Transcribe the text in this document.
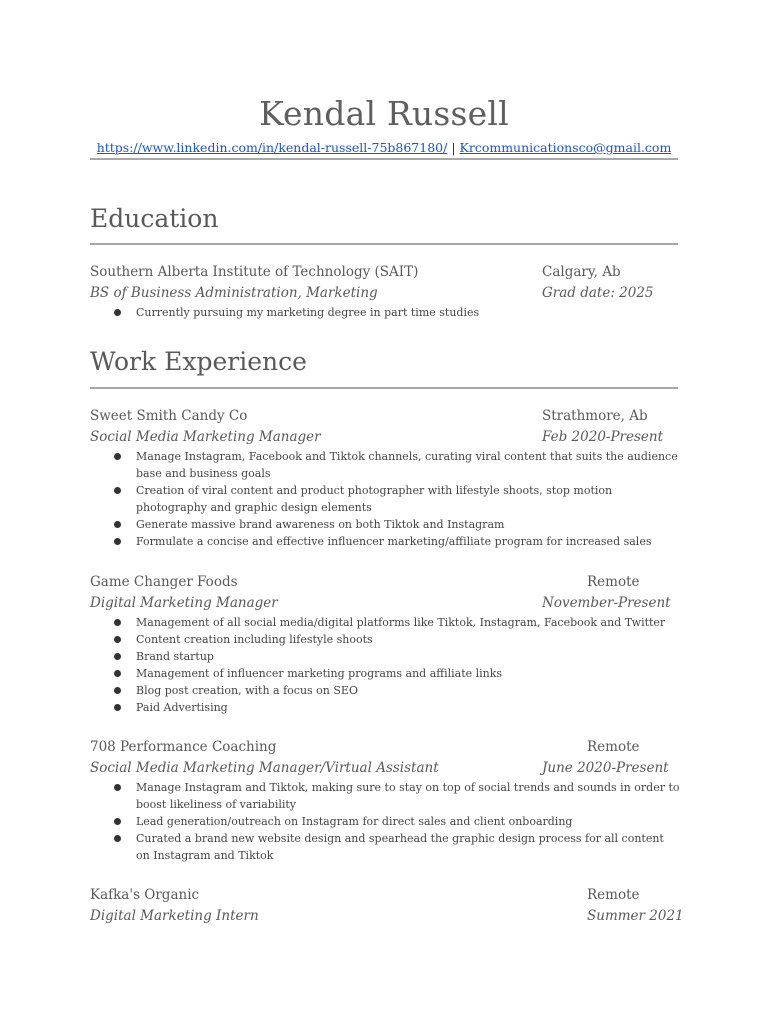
Kendal Russell
https://www.linkedin.com/in/kendal-russell-75b867180/ | Krcommunicationsco@gmail.com
Education
Southern Alberta Institute of Technology (SAIT)	Calgary, Ab
BS of Business Administration, Marketing	Grad date: 2025
Currently pursuing my marketing degree in part time studies
Work Experience
Sweet Smith Candy Co	Strathmore, Ab
Social Media Marketing Manager	Feb 2020-Present
Manage Instagram, Facebook and Tiktok channels, curating viral content that suits the audience base and business goals
Creation of viral content and product photographer with lifestyle shoots, stop motion photography and graphic design elements
Generate massive brand awareness on both Tiktok and Instagram
Formulate a concise and effective influencer marketing/affiliate program for increased sales
Game Changer Foods	Remote
Digital Marketing Manager	November-Present
Management of all social media/digital platforms like Tiktok, Instagram, Facebook and Twitter
Content creation including lifestyle shoots
Brand startup
Management of influencer marketing programs and affiliate links
Blog post creation, with a focus on SEO
Paid Advertising
708 Performance Coaching	Remote
Social Media Marketing Manager/Virtual Assistant	June 2020-Present
Manage Instagram and Tiktok, making sure to stay on top of social trends and sounds in order to boost likeliness of variability
Lead generation/outreach on Instagram for direct sales and client onboarding
Curated a brand new website design and spearhead the graphic design process for all content on Instagram and Tiktok
Kafka's Organic	Remote
Digital Marketing Intern	Summer 2021
